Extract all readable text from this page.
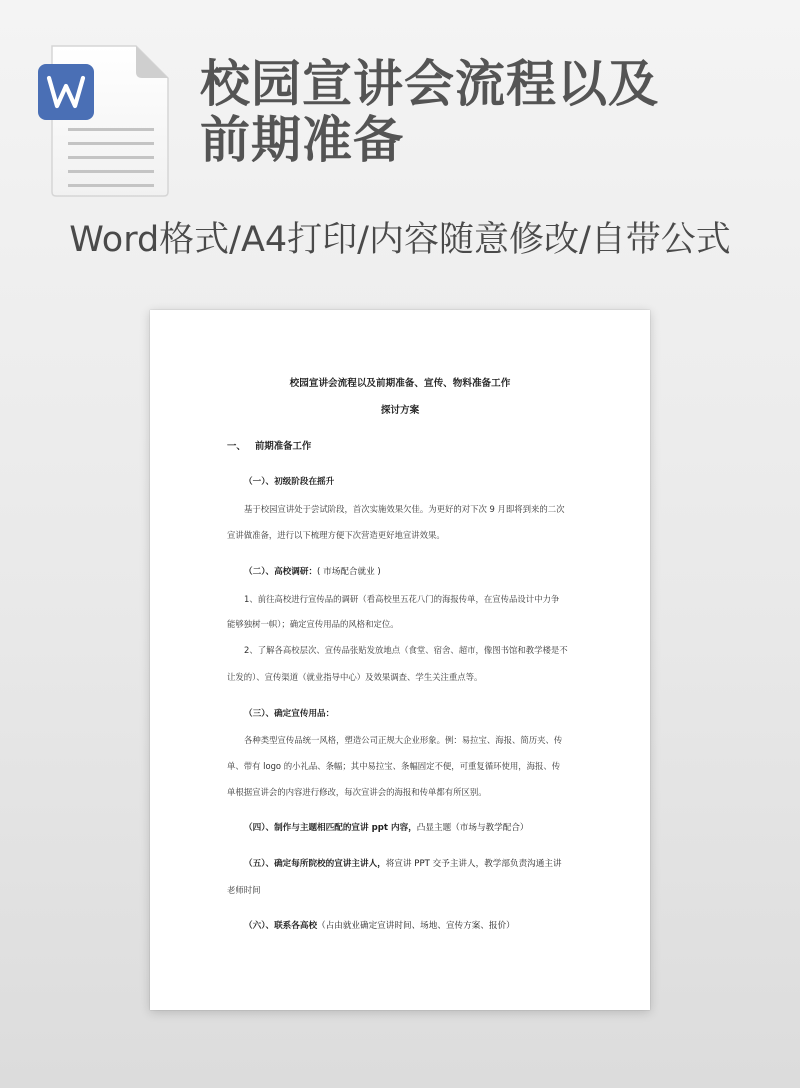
校园宣讲会流程以及
前期准备
Word格式/A4打印/内容随意修改/自带公式
校园宣讲会流程以及前期准备、宣传、物料准备工作
探讨方案
一、 前期准备工作
（一）、初级阶段在摇升
基于校园宣讲处于尝试阶段，首次实施效果欠佳。为更好的对下次 9 月即将到来的二次
宣讲做准备，进行以下梳理方便下次营造更好地宣讲效果。
（二）、高校调研：( 市场配合就业 )
1、前往高校进行宣传品的调研（看高校里五花八门的海报传单，在宣传品设计中力争
能够独树一帜）；确定宣传用品的风格和定位。
2、了解各高校层次、宣传品张贴发放地点（食堂、宿舍、超市，像图书馆和教学楼是不
让发的）、宣传渠道（就业指导中心）及效果调查、学生关注重点等。
（三）、确定宣传用品：
各种类型宣传品统一风格，塑造公司正规大企业形象。例：易拉宝、海报、简历夹、传
单、带有 logo 的小礼品、条幅；其中易拉宝、条幅固定不便，可重复循环使用，海报、传
单根据宣讲会的内容进行修改，每次宣讲会的海报和传单都有所区别。
（四）、制作与主题相匹配的宣讲 ppt 内容，凸显主题（市场与教学配合）
（五）、确定每所院校的宣讲主讲人，将宣讲 PPT 交予主讲人，教学部负责沟通主讲
老师时间
（六）、联系各高校（占由就业确定宣讲时间、场地、宣传方案、报价）
